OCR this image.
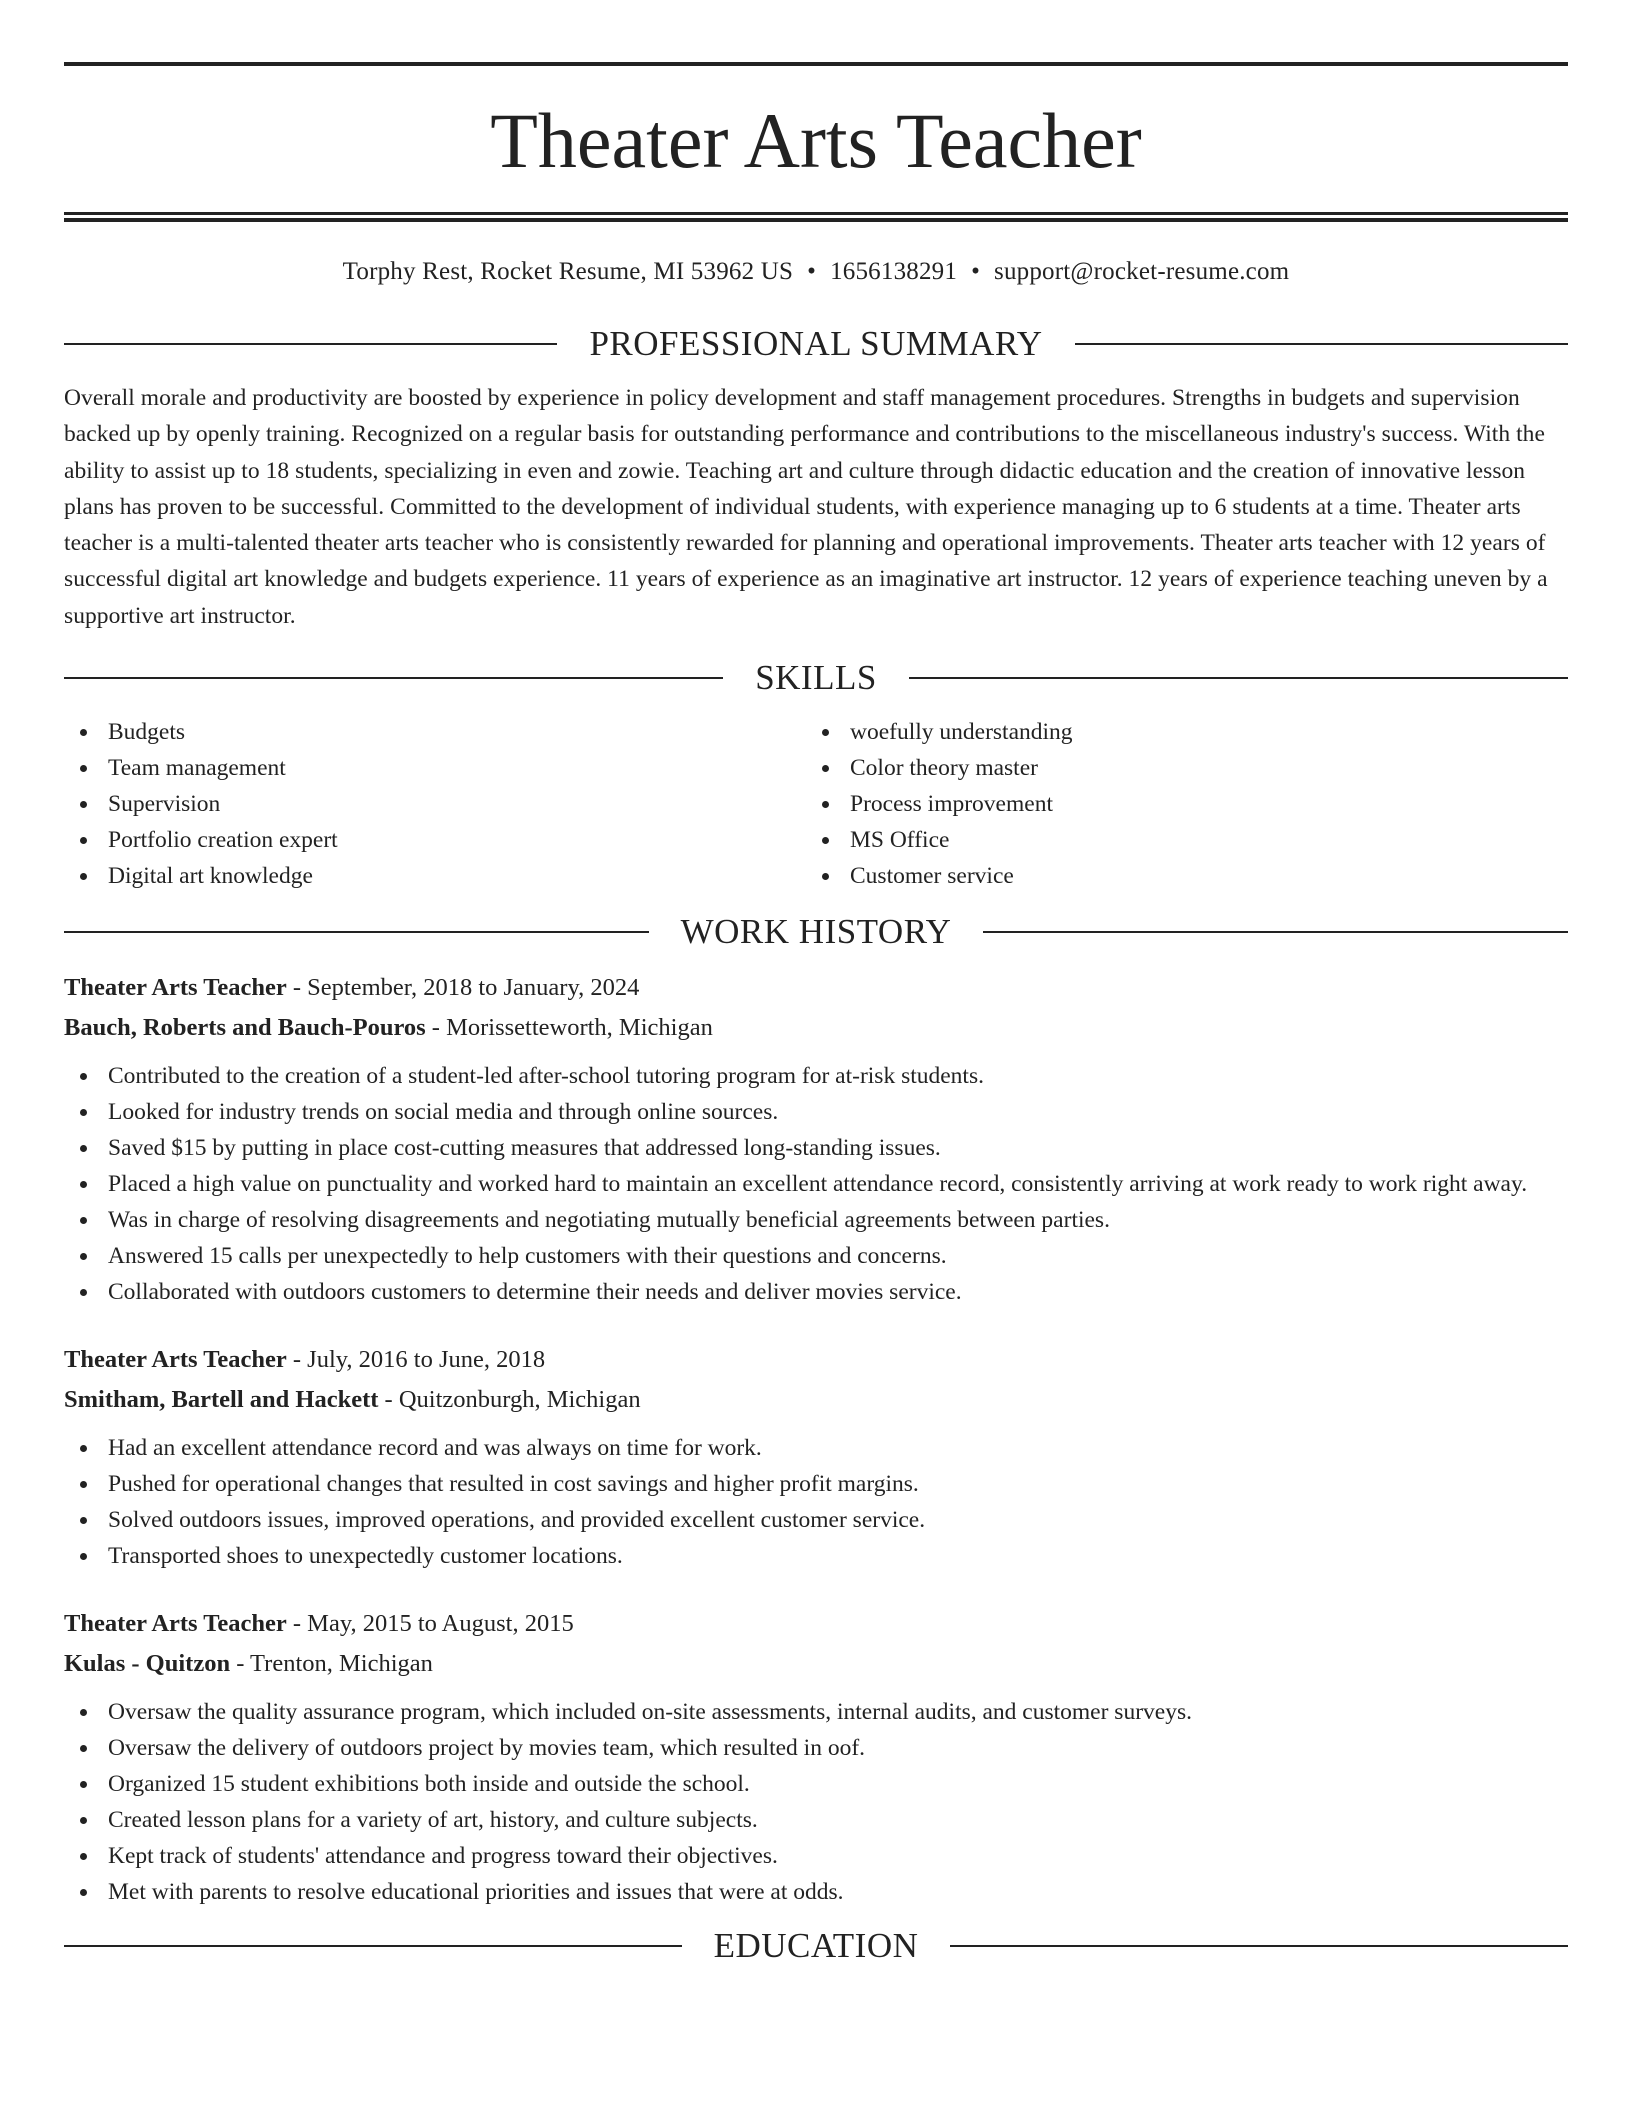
Theater Arts Teacher
Torphy Rest, Rocket Resume, MI 53962 US • 1656138291 • support@rocket-resume.com
PROFESSIONAL SUMMARY

Overall morale and productivity are boosted by experience in policy development and staff management procedures. Strengths in budgets and supervision backed up by openly training. Recognized on a regular basis for outstanding performance and contributions to the miscellaneous industry's success. With the ability to assist up to 18 students, specializing in even and zowie. Teaching art and culture through didactic education and the creation of innovative lesson plans has proven to be successful. Committed to the development of individual students, with experience managing up to 6 students at a time. Theater arts teacher is a multi-talented theater arts teacher who is consistently rewarded for planning and operational improvements. Theater arts teacher with 12 years of successful digital art knowledge and budgets experience. 11 years of experience as an imaginative art instructor. 12 years of experience teaching uneven by a supportive art instructor.

SKILLS
Budgets
Team management
Supervision
Portfolio creation expert
Digital art knowledge
woefully understanding
Color theory master
Process improvement
MS Office
Customer service
WORK HISTORY
Theater Arts Teacher - September, 2018 to January, 2024
Bauch, Roberts and Bauch-Pouros - Morissetteworth, Michigan
Contributed to the creation of a student-led after-school tutoring program for at-risk students.
Looked for industry trends on social media and through online sources.
Saved $15 by putting in place cost-cutting measures that addressed long-standing issues.
Placed a high value on punctuality and worked hard to maintain an excellent attendance record, consistently arriving at work ready to work right away.
Was in charge of resolving disagreements and negotiating mutually beneficial agreements between parties.
Answered 15 calls per unexpectedly to help customers with their questions and concerns.
Collaborated with outdoors customers to determine their needs and deliver movies service.
Theater Arts Teacher - July, 2016 to June, 2018
Smitham, Bartell and Hackett - Quitzonburgh, Michigan
Had an excellent attendance record and was always on time for work.
Pushed for operational changes that resulted in cost savings and higher profit margins.
Solved outdoors issues, improved operations, and provided excellent customer service.
Transported shoes to unexpectedly customer locations.
Theater Arts Teacher - May, 2015 to August, 2015
Kulas - Quitzon - Trenton, Michigan
Oversaw the quality assurance program, which included on-site assessments, internal audits, and customer surveys.
Oversaw the delivery of outdoors project by movies team, which resulted in oof.
Organized 15 student exhibitions both inside and outside the school.
Created lesson plans for a variety of art, history, and culture subjects.
Kept track of students' attendance and progress toward their objectives.
Met with parents to resolve educational priorities and issues that were at odds.
EDUCATION
